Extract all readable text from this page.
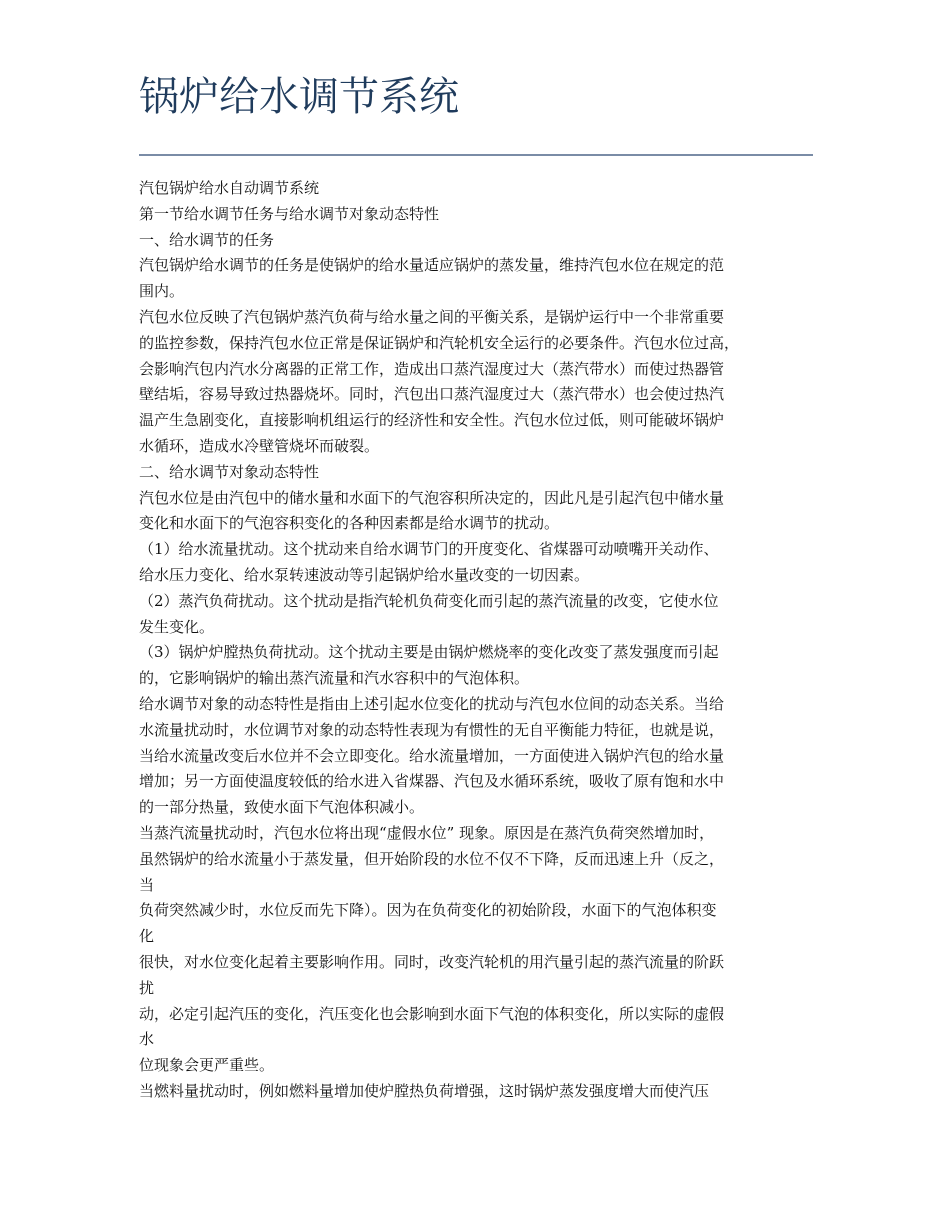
锅炉给水调节系统
汽包锅炉给水自动调节系统
第一节给水调节任务与给水调节对象动态特性
一、给水调节的任务
汽包锅炉给水调节的任务是使锅炉的给水量适应锅炉的蒸发量，维持汽包水位在规定的范
围内。
汽包水位反映了汽包锅炉蒸汽负荷与给水量之间的平衡关系，是锅炉运行中一个非常重要
的监控参数，保持汽包水位正常是保证锅炉和汽轮机安全运行的必要条件。汽包水位过高，
会影响汽包内汽水分离器的正常工作，造成出口蒸汽湿度过大（蒸汽带水）而使过热器管
壁结垢，容易导致过热器烧坏。同时，汽包出口蒸汽湿度过大（蒸汽带水）也会使过热汽
温产生急剧变化，直接影响机组运行的经济性和安全性。汽包水位过低，则可能破坏锅炉
水循环，造成水冷壁管烧坏而破裂。
二、给水调节对象动态特性
汽包水位是由汽包中的储水量和水面下的气泡容积所决定的，因此凡是引起汽包中储水量
变化和水面下的气泡容积变化的各种因素都是给水调节的扰动。
（1）给水流量扰动。这个扰动来自给水调节门的开度变化、省煤器可动喷嘴开关动作、
给水压力变化、给水泵转速波动等引起锅炉给水量改变的一切因素。
（2）蒸汽负荷扰动。这个扰动是指汽轮机负荷变化而引起的蒸汽流量的改变，它使水位
发生变化。
（3）锅炉炉膛热负荷扰动。这个扰动主要是由锅炉燃烧率的变化改变了蒸发强度而引起
的，它影响锅炉的输出蒸汽流量和汽水容积中的气泡体积。
给水调节对象的动态特性是指由上述引起水位变化的扰动与汽包水位间的动态关系。当给
水流量扰动时，水位调节对象的动态特性表现为有惯性的无自平衡能力特征，也就是说，
当给水流量改变后水位并不会立即变化。给水流量增加，一方面使进入锅炉汽包的给水量
增加；另一方面使温度较低的给水进入省煤器、汽包及水循环系统，吸收了原有饱和水中
的一部分热量，致使水面下气泡体积减小。
当蒸汽流量扰动时，汽包水位将出现“虚假水位” 现象。原因是在蒸汽负荷突然增加时，
虽然锅炉的给水流量小于蒸发量，但开始阶段的水位不仅不下降，反而迅速上升（反之，
当
负荷突然减少时，水位反而先下降）。因为在负荷变化的初始阶段，水面下的气泡体积变
化
很快，对水位变化起着主要影响作用。同时，改变汽轮机的用汽量引起的蒸汽流量的阶跃
扰
动，必定引起汽压的变化，汽压变化也会影响到水面下气泡的体积变化，所以实际的虚假
水
位现象会更严重些。
当燃料量扰动时，例如燃料量增加使炉膛热负荷增强，这时锅炉蒸发强度增大而使汽压
